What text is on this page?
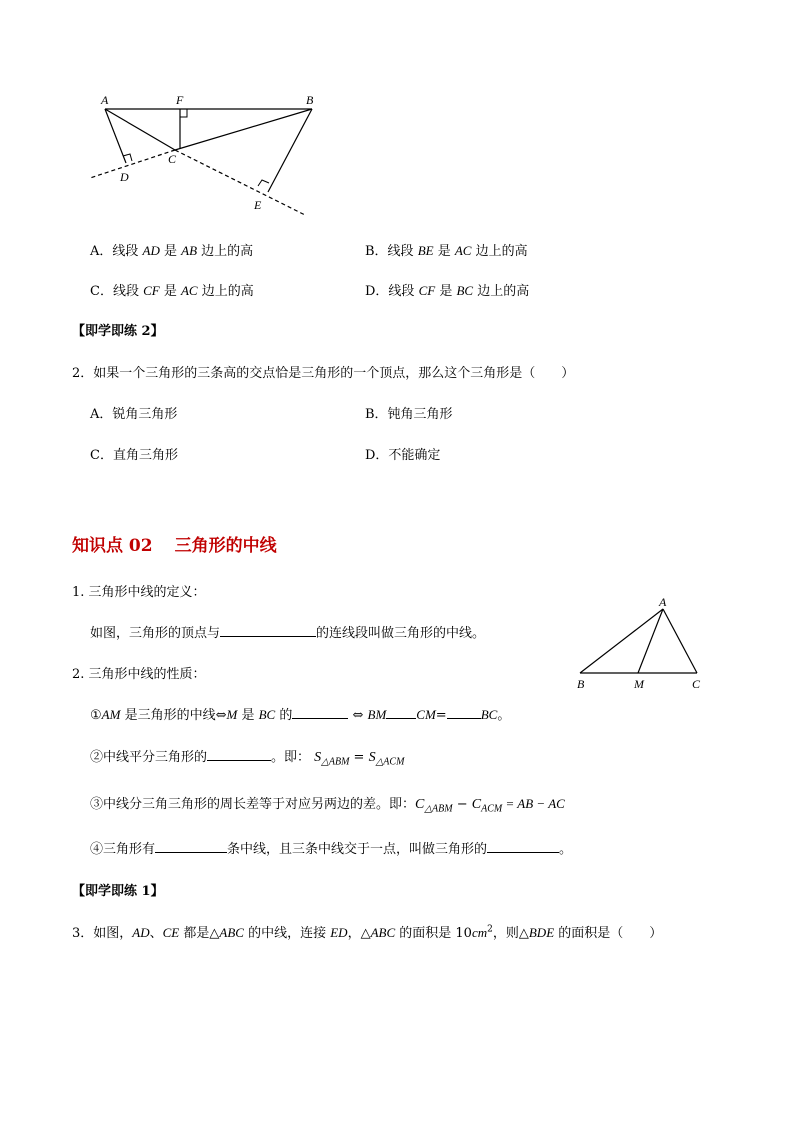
A	F	B
C
D
E
A．线段 AD 是 AB 边上的高	B．线段 BE 是 AC 边上的高
C．线段 CF 是 AC 边上的高	D．线段 CF 是 BC 边上的高
【即学即练 2】
2．如果一个三角形的三条高的交点恰是三角形的一个顶点，那么这个三角形是（　　）
A．锐角三角形	B．钝角三角形
C．直角三角形	D．不能确定
知识点 02 三角形的中线
1. 三角形中线的定义：
如图，三角形的顶点与	的连线段叫做三角形的中线。
2. 三角形中线的性质：
A
B	M	C
①AM 是三角形的中线⇔M 是 BC 的	⇔ BM CM=	BC。
②中线平分三角形的	。即： $S_{\triangle ABM} = S_{\triangle ACM}$
③中线分三角三角形的周长差等于对应另两边的差。即：$C_{\triangle ABM} - C_{ACM}$ = AB − AC
④三角形有	条中线，且三条中线交于一点，叫做三角形的	。
【即学即练 1】
3．如图，AD、CE 都是△ABC 的中线，连接 ED，△ABC 的面积是 $10cm^2$，则△BDE 的面积是（　　）
